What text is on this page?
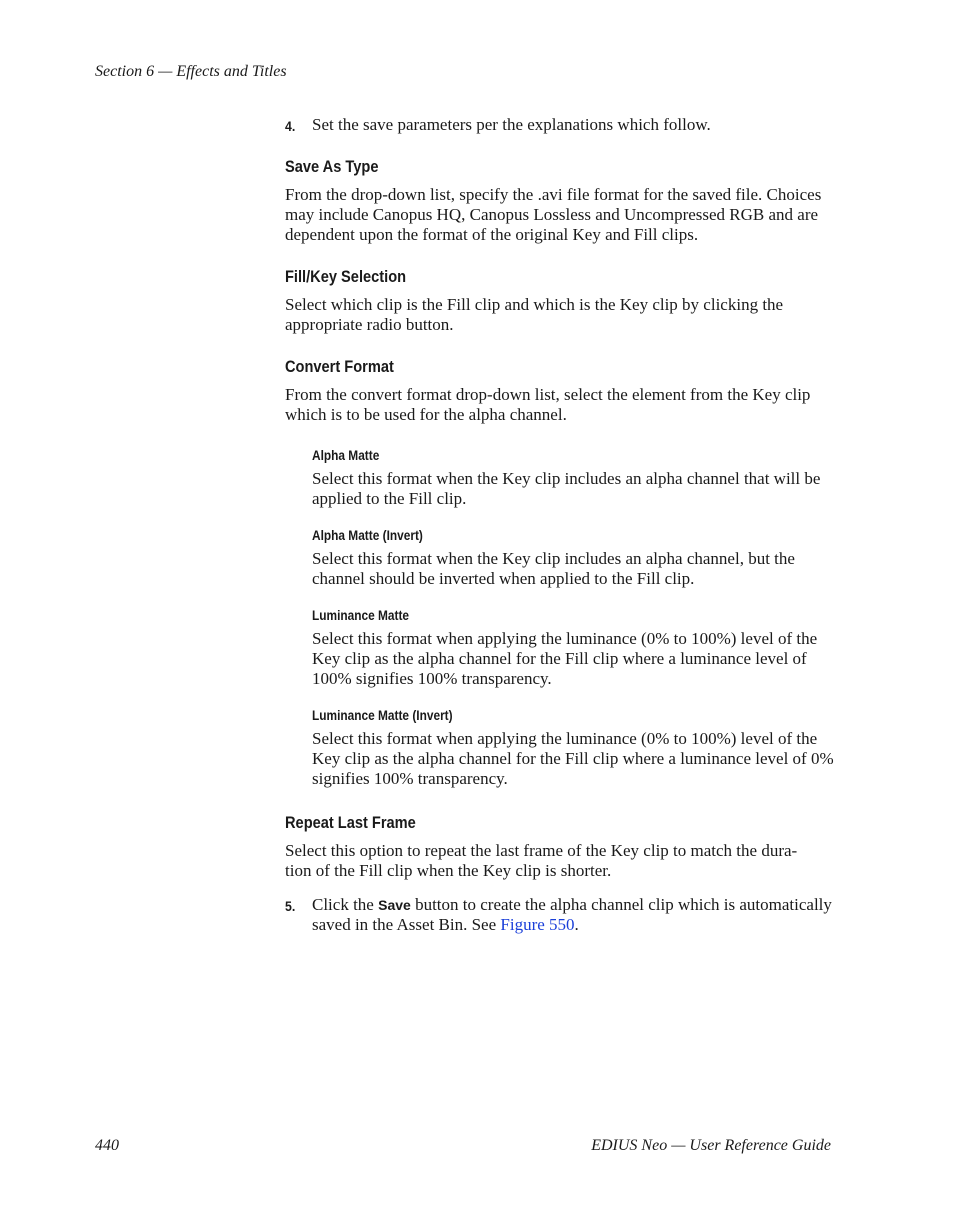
Section 6 — Effects and Titles
4. Set the save parameters per the explanations which follow.
Save As Type

From the drop-down list, specify the .avi file format for the saved file. Choices may include Canopus HQ, Canopus Lossless and Uncompressed RGB and are dependent upon the format of the original Key and Fill clips.

Fill/Key Selection

Select which clip is the Fill clip and which is the Key clip by clicking the appropriate radio button.

Convert Format

From the convert format drop-down list, select the element from the Key clip which is to be used for the alpha channel.

Alpha Matte

Select this format when the Key clip includes an alpha channel that will be applied to the Fill clip.

Alpha Matte (Invert)

Select this format when the Key clip includes an alpha channel, but the channel should be inverted when applied to the Fill clip.

Luminance Matte

Select this format when applying the luminance (0% to 100%) level of the Key clip as the alpha channel for the Fill clip where a luminance level of 100% signifies 100% transparency.

Luminance Matte (Invert)

Select this format when applying the luminance (0% to 100%) level of the Key clip as the alpha channel for the Fill clip where a luminance level of 0% signifies 100% transparency.

Repeat Last Frame

Select this option to repeat the last frame of the Key clip to match the dura-
tion of the Fill clip when the Key clip is shorter.

5. Click the Save button to create the alpha channel clip which is automatically saved in the Asset Bin. See Figure 550.
440	EDIUS Neo — User Reference Guide
